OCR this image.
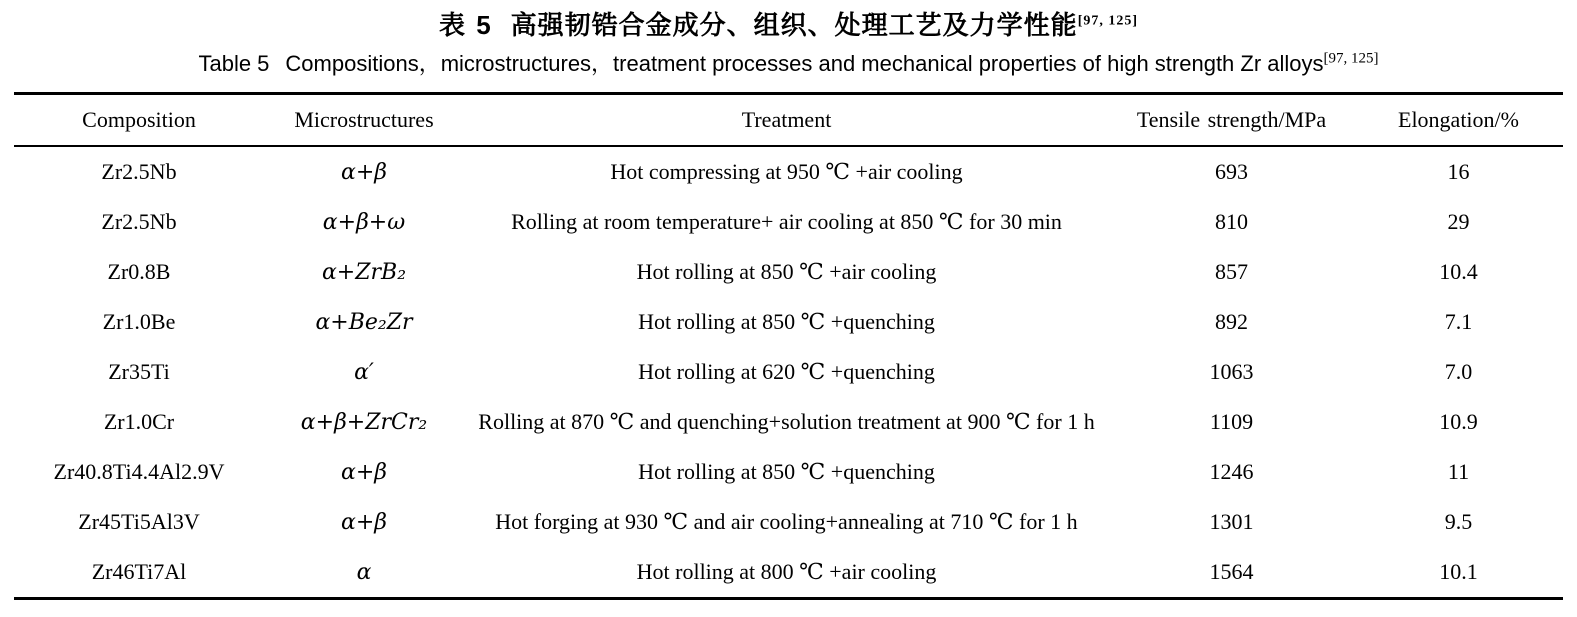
表 5 高强韧锆合金成分、组织、处理工艺及力学性能[97, 125]
Table 5 Compositions，microstructures，treatment processes and mechanical properties of high strength Zr alloys[97, 125]
Composition	Microstructures	Treatment	Tensile strength/MPa	Elongation/%
Zr2.5Nb	α+β	Hot compressing at 950 ℃ +air cooling	693	16
Zr2.5Nb	α+β+ω	Rolling at room temperature+ air cooling at 850 ℃ for 30 min	810	29
Zr0.8B	α+ZrB₂	Hot rolling at 850 ℃ +air cooling	857	10.4
Zr1.0Be	α+Be₂Zr	Hot rolling at 850 ℃ +quenching	892	7.1
Zr35Ti	α′	Hot rolling at 620 ℃ +quenching	1063	7.0
Zr1.0Cr	α+β+ZrCr₂	Rolling at 870 ℃ and quenching+solution treatment at 900 ℃ for 1 h	1109	10.9
Zr40.8Ti4.4Al2.9V	α+β	Hot rolling at 850 ℃ +quenching	1246	11
Zr45Ti5Al3V	α+β	Hot forging at 930 ℃ and air cooling+annealing at 710 ℃ for 1 h	1301	9.5
Zr46Ti7Al	α	Hot rolling at 800 ℃ +air cooling	1564	10.1
